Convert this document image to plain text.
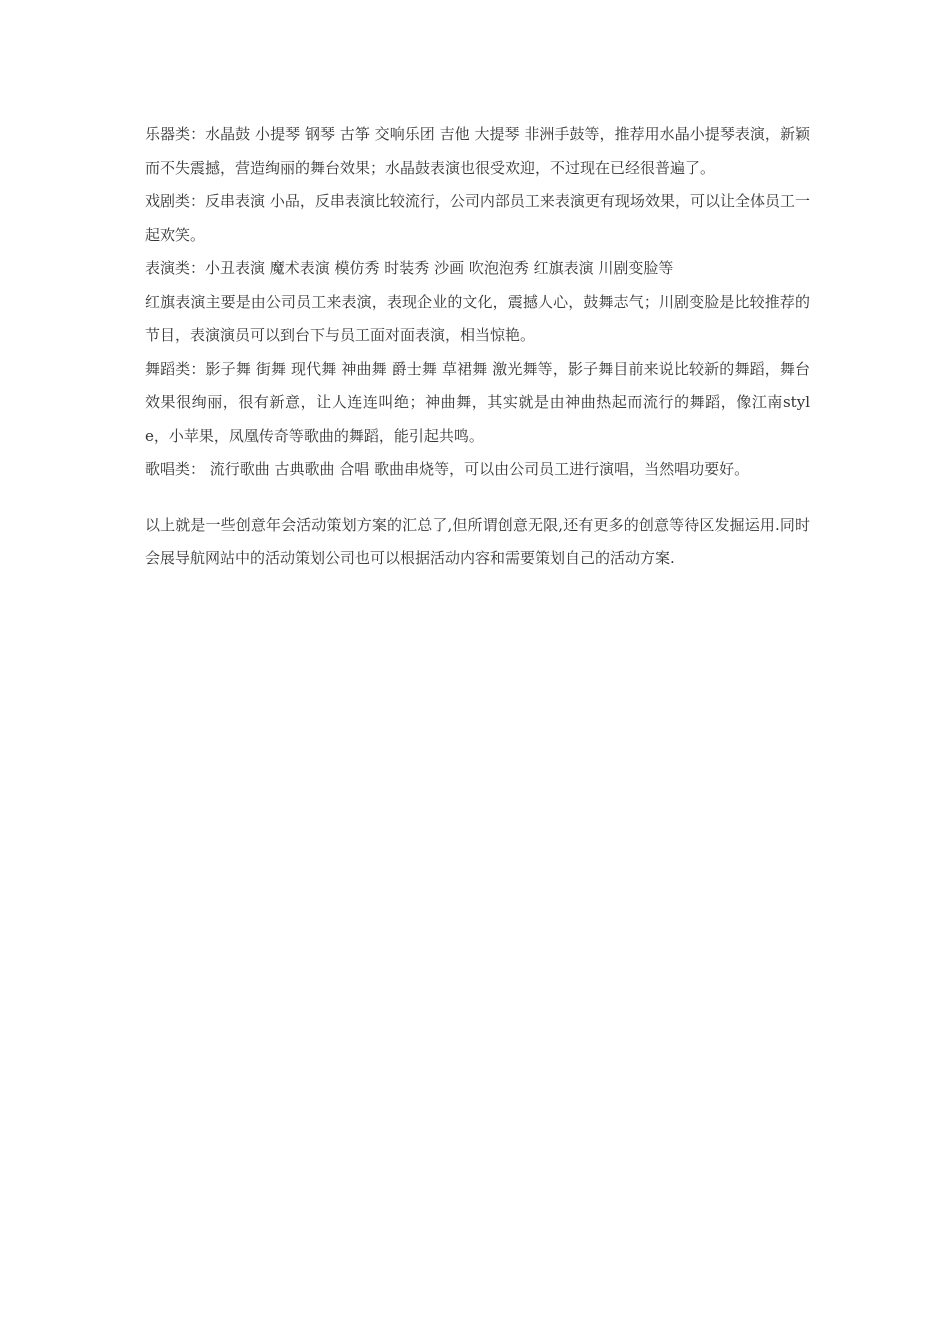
乐器类：水晶鼓 小提琴 钢琴 古筝 交响乐团 吉他 大提琴 非洲手鼓等，推荐用水晶小提琴表演，新颖而不失震撼，营造绚丽的舞台效果；水晶鼓表演也很受欢迎，不过现在已经很普遍了。

戏剧类：反串表演 小品，反串表演比较流行，公司内部员工来表演更有现场效果，可以让全体员工一起欢笑。

表演类：小丑表演 魔术表演 模仿秀 时装秀 沙画 吹泡泡秀 红旗表演 川剧变脸等

红旗表演主要是由公司员工来表演，表现企业的文化，震撼人心，鼓舞志气；川剧变脸是比较推荐的节目，表演演员可以到台下与员工面对面表演，相当惊艳。

舞蹈类：影子舞 街舞 现代舞 神曲舞 爵士舞 草裙舞 激光舞等，影子舞目前来说比较新的舞蹈，舞台效果很绚丽，很有新意，让人连连叫绝；神曲舞，其实就是由神曲热起而流行的舞蹈，像江南style，小苹果，凤凰传奇等歌曲的舞蹈，能引起共鸣。

歌唱类： 流行歌曲 古典歌曲 合唱 歌曲串烧等，可以由公司员工进行演唱，当然唱功要好。

以上就是一些创意年会活动策划方案的汇总了,但所谓创意无限,还有更多的创意等待区发掘运用.同时会展导航网站中的活动策划公司也可以根据活动内容和需要策划自己的活动方案.
